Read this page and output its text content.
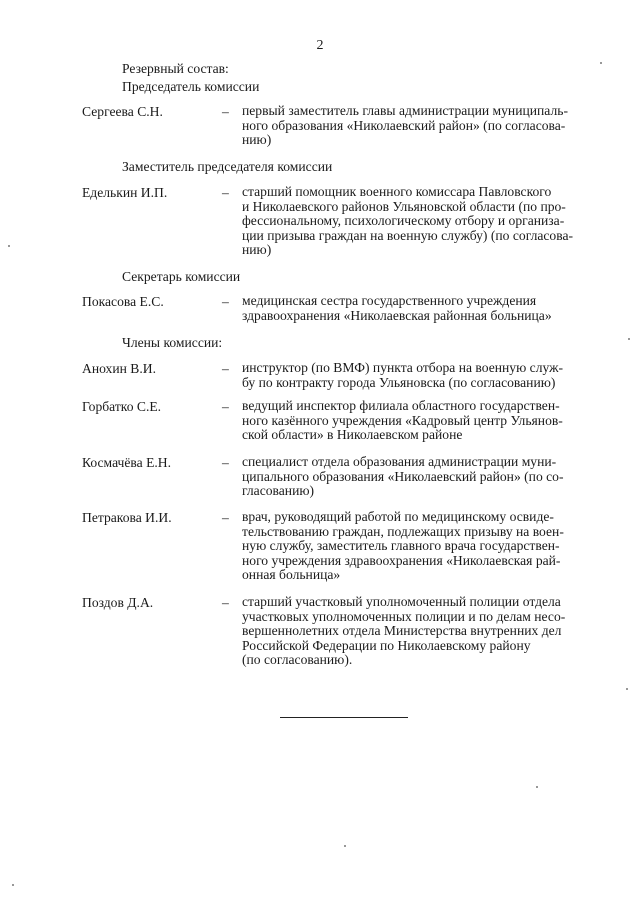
2
Резервный состав:
Председатель комиссии
Сергеева С.Н.	– первый заместитель главы администрации муниципаль-
ного образования «Николаевский район» (по согласова-
нию)
Заместитель председателя комиссии
Еделькин И.П.	– старший помощник военного комиссара Павловского
и Николаевского районов Ульяновской области (по про-
фессиональному, психологическому отбору и организа-
ции призыва граждан на военную службу) (по согласова-
нию)
Секретарь комиссии
Покасова Е.С.	– медицинская сестра государственного учреждения
здравоохранения «Николаевская районная больница»
Члены комиссии:
Анохин В.И.	– инструктор (по ВМФ) пункта отбора на военную служ-
бу по контракту города Ульяновска (по согласованию)
Горбатко С.Е.	– ведущий инспектор филиала областного государствен-
ного казённого учреждения «Кадровый центр Ульянов-
ской области» в Николаевском районе
Космачёва Е.Н.	– специалист отдела образования администрации муни-
ципального образования «Николаевский район» (по со-
гласованию)
Петракова И.И.	– врач, руководящий работой по медицинскому освиде-
тельствованию граждан, подлежащих призыву на воен-
ную службу, заместитель главного врача государствен-
ного учреждения здравоохранения «Николаевская рай-
онная больница»
Поздов Д.А.	– старший участковый уполномоченный полиции отдела
участковых уполномоченных полиции и по делам несо-
вершеннолетних отдела Министерства внутренних дел
Российской Федерации по Николаевскому району
(по согласованию).
